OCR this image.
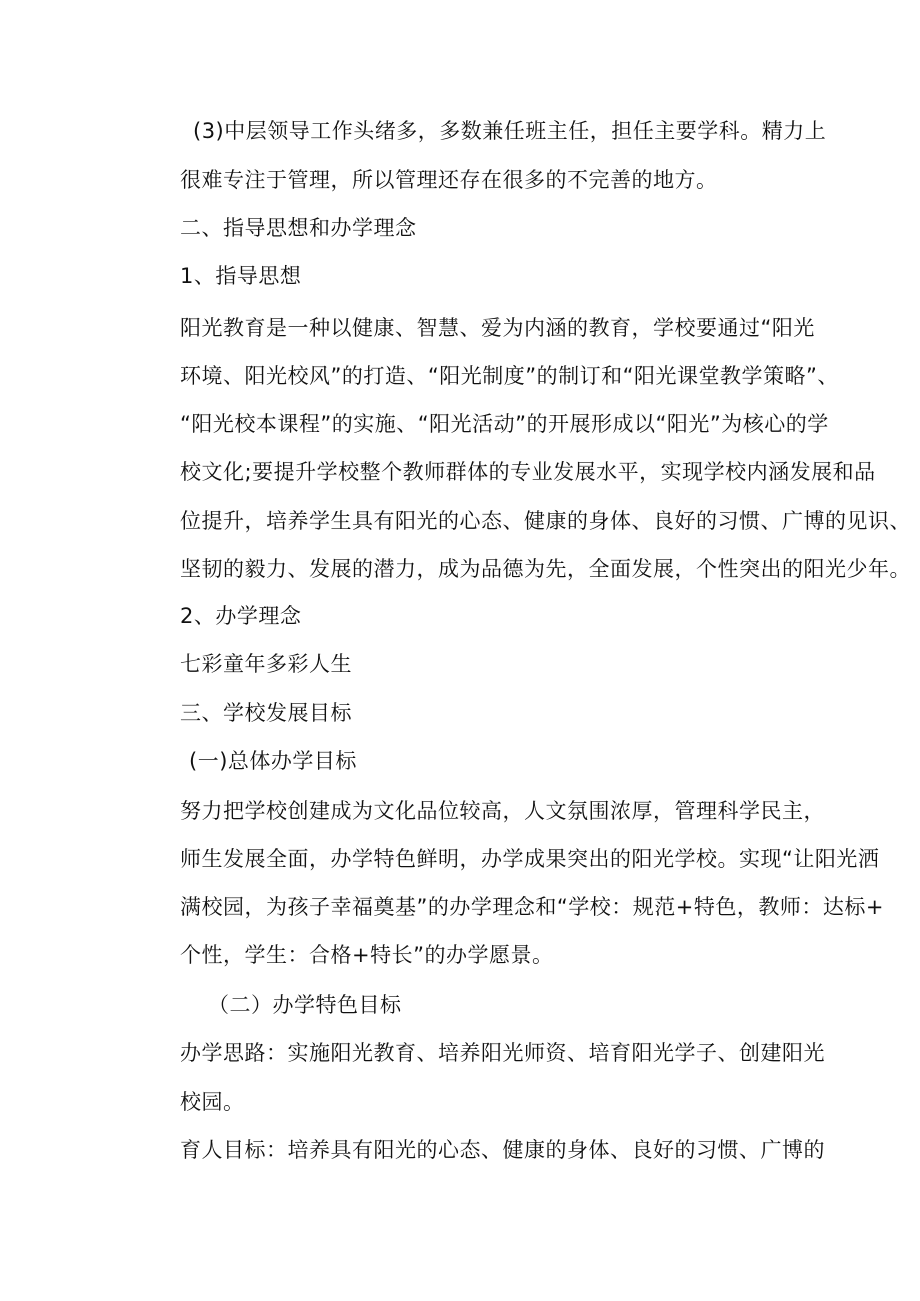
(3)中层领导工作头绪多，多数兼任班主任，担任主要学科。精力上
很难专注于管理，所以管理还存在很多的不完善的地方。
二、指导思想和办学理念
1、指导思想
阳光教育是一种以健康、智慧、爱为内涵的教育，学校要通过“阳光
环境、阳光校风”的打造、“阳光制度”的制订和“阳光课堂教学策略”、
“阳光校本课程”的实施、“阳光活动”的开展形成以“阳光”为核心的学
校文化;要提升学校整个教师群体的专业发展水平，实现学校内涵发展和品
位提升，培养学生具有阳光的心态、健康的身体、良好的习惯、广博的见识、
坚韧的毅力、发展的潜力，成为品德为先，全面发展，个性突出的阳光少年。
2、办学理念
七彩童年多彩人生
三、学校发展目标
(一)总体办学目标
努力把学校创建成为文化品位较高，人文氛围浓厚，管理科学民主，
师生发展全面，办学特色鲜明，办学成果突出的阳光学校。实现“让阳光洒
满校园，为孩子幸福奠基”的办学理念和“学校：规范+特色，教师：达标+
个性，学生：合格+特长”的办学愿景。
（二）办学特色目标
办学思路：实施阳光教育、培养阳光师资、培育阳光学子、创建阳光
校园。
育人目标：培养具有阳光的心态、健康的身体、良好的习惯、广博的
